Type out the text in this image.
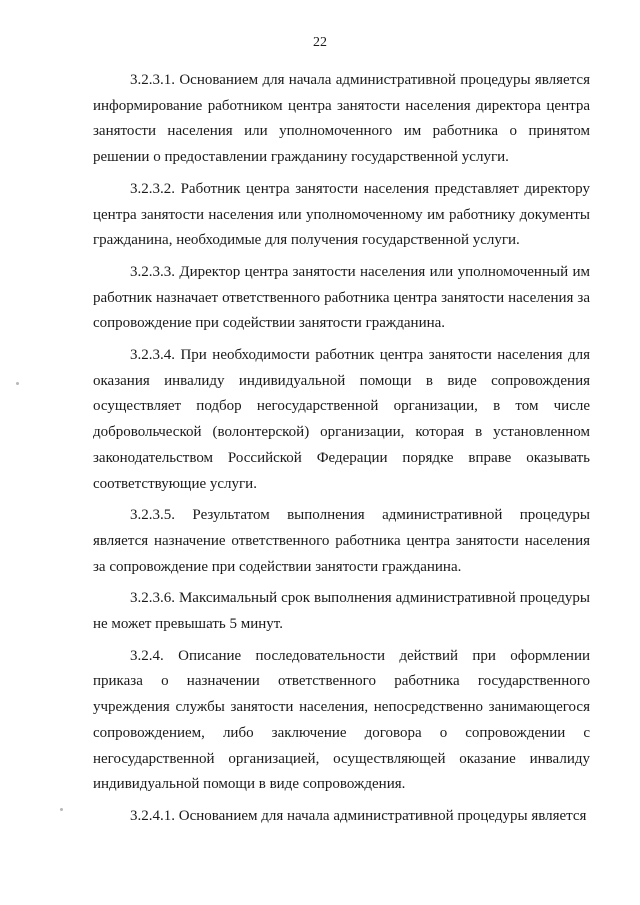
22

3.2.3.1. Основанием для начала административной процедуры является информирование работником центра занятости населения директора центра занятости населения или уполномоченного им работника о принятом решении о предоставлении гражданину государственной услуги.

3.2.3.2. Работник центра занятости населения представляет директору центра занятости населения или уполномоченному им работнику документы гражданина, необходимые для получения государственной услуги.

3.2.3.3. Директор центра занятости населения или уполномоченный им работник назначает ответственного работника центра занятости населения за сопровождение при содействии занятости гражданина.

3.2.3.4. При необходимости работник центра занятости населения для оказания инвалиду индивидуальной помощи в виде сопровождения осуществляет подбор негосударственной организации, в том числе добровольческой (волонтерской) организации, которая в установленном законодательством Российской Федерации порядке вправе оказывать соответствующие услуги.

3.2.3.5. Результатом выполнения административной процедуры является назначение ответственного работника центра занятости населения за сопровождение при содействии занятости гражданина.

3.2.3.6. Максимальный срок выполнения административной процедуры не может превышать 5 минут.

3.2.4. Описание последовательности действий при оформлении приказа о назначении ответственного работника государственного учреждения службы занятости населения, непосредственно занимающегося сопровождением, либо заключение договора о сопровождении с негосударственной организацией, осуществляющей оказание инвалиду индивидуальной помощи в виде сопровождения.

3.2.4.1. Основанием для начала административной процедуры является
